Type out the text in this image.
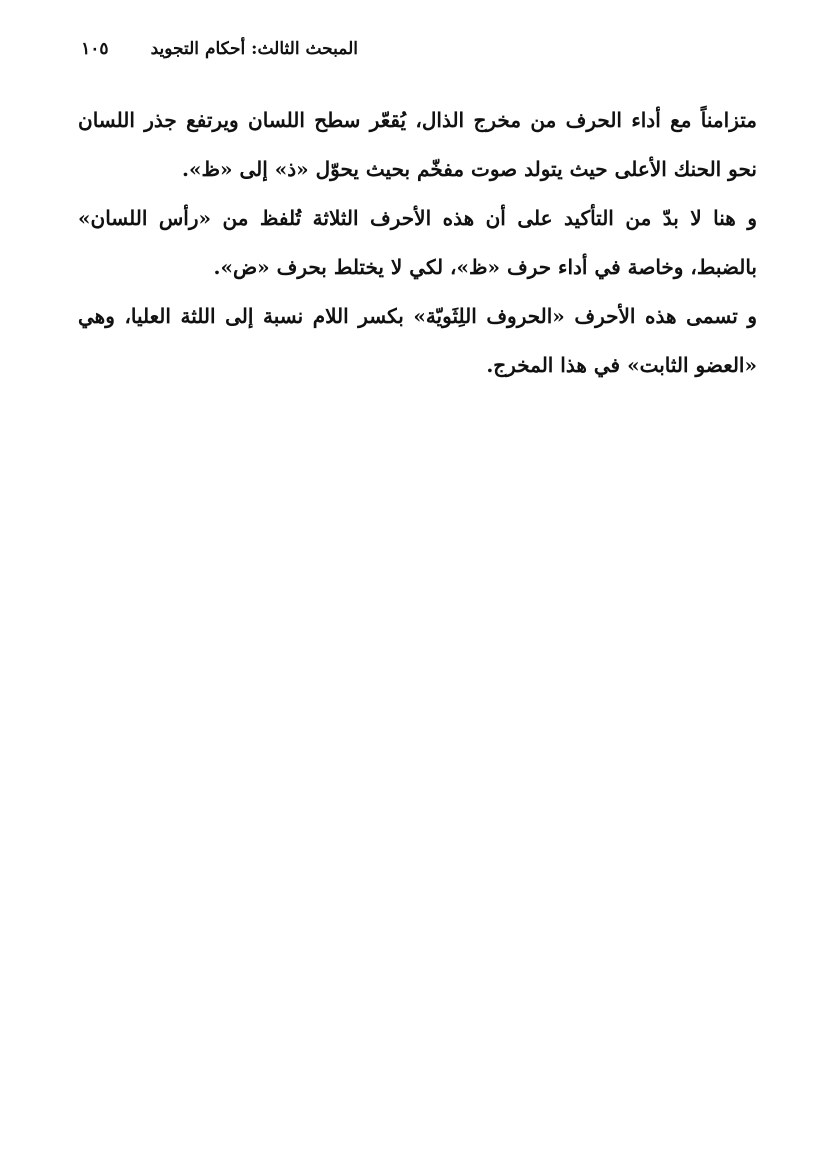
المبحث الثالث: أحكام التجويد
١٠٥

متزامناً مع أداء الحرف من مخرج الذال، يُقعّر سطح اللسان ويرتفع جذر اللسان نحو الحنك الأعلى حيث يتولد صوت مفخّم بحيث يحوّل «ذ» إلى «ظ».

و هنا لا بدّ من التأكيد على أن هذه الأحرف الثلاثة تُلفظ من «رأس اللسان» بالضبط، وخاصة في أداء حرف «ظ»، لكي لا يختلط بحرف «ض».

و تسمى هذه الأحرف «الحروف اللِثَويّة» بكسر اللام نسبة إلى اللثة العليا، وهي «العضو الثابت» في هذا المخرج.
